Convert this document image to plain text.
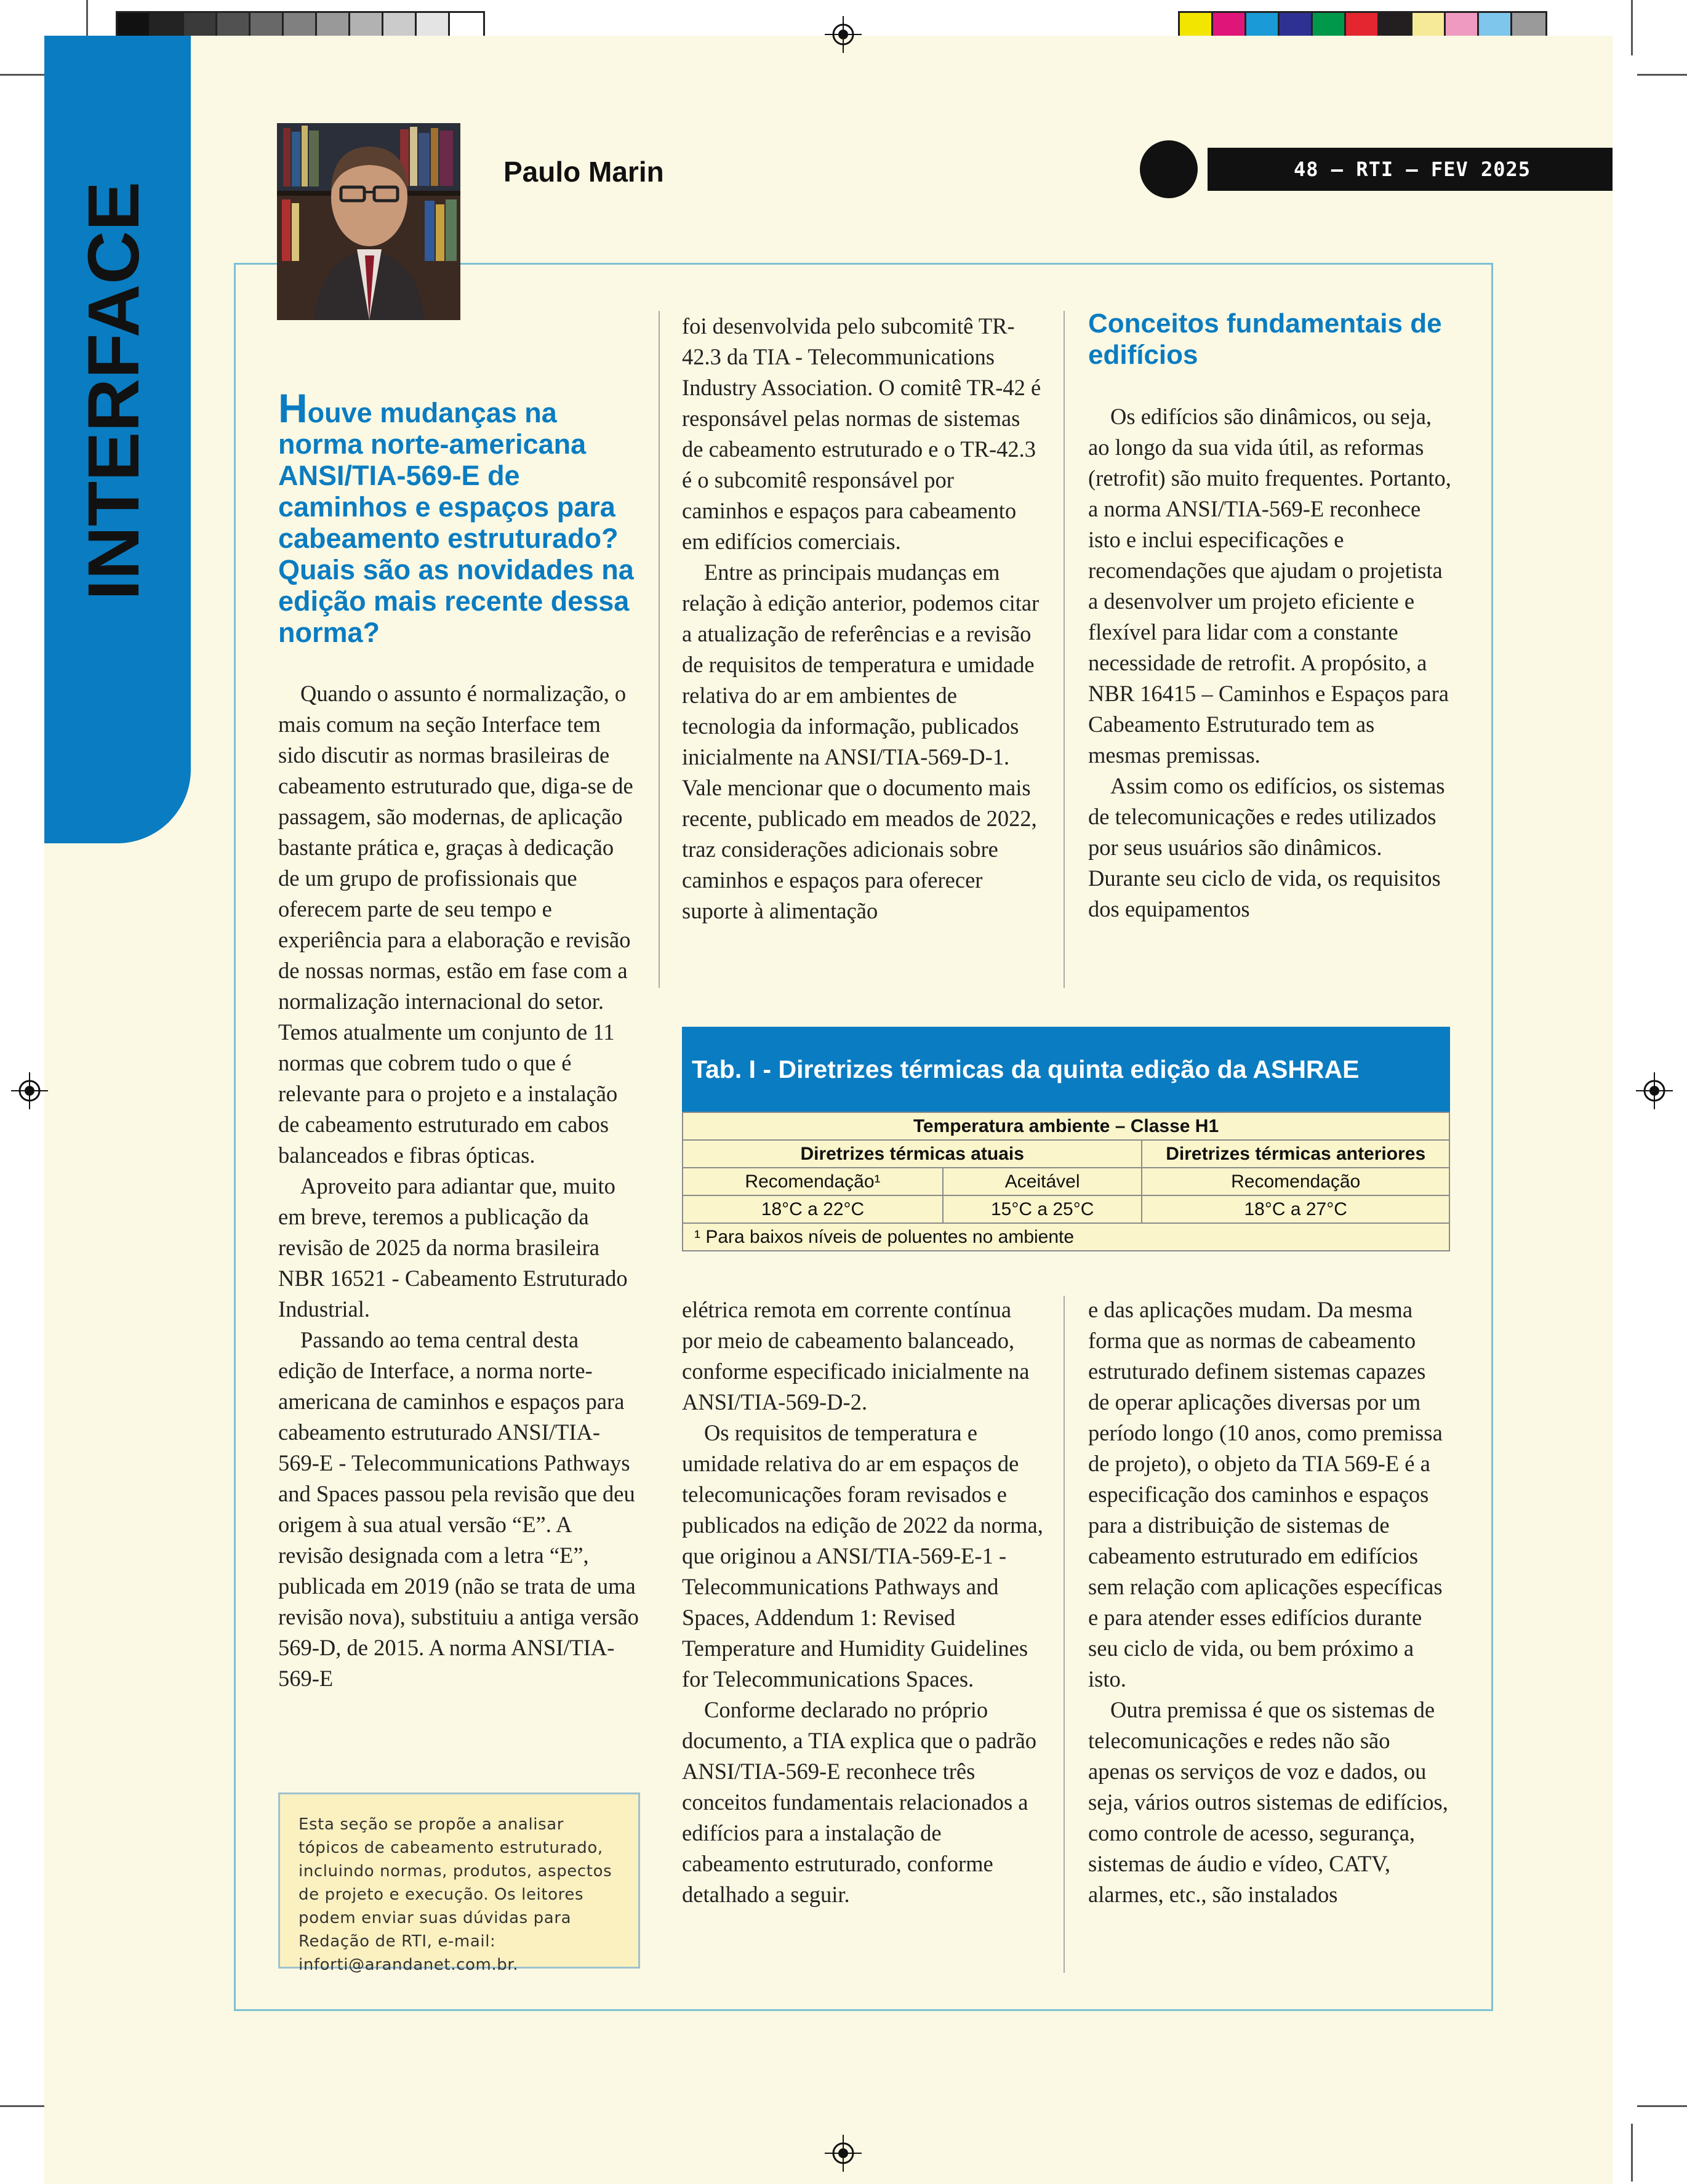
INTERFACE
Paulo Marin	48 – RTI – FEV 2025
Houve mudanças na norma norte-americana ANSI/TIA-569-E de caminhos e espaços para cabeamento estruturado? Quais são as novidades na edição mais recente dessa norma?

Quando o assunto é normalização, o mais comum na seção Interface tem sido discutir as normas brasileiras de cabeamento estruturado que, diga-se de passagem, são modernas, de aplicação bastante prática e, graças à dedicação de um grupo de profissionais que oferecem parte de seu tempo e experiência para a elaboração e revisão de nossas normas, estão em fase com a normalização internacional do setor. Temos atualmente um conjunto de 11 normas que cobrem tudo o que é relevante para o projeto e a instalação de cabeamento estruturado em cabos balanceados e fibras ópticas.

Aproveito para adiantar que, muito em breve, teremos a publicação da revisão de 2025 da norma brasileira NBR 16521 - Cabeamento Estruturado Industrial.

Passando ao tema central desta edição de Interface, a norma norte-americana de caminhos e espaços para cabeamento estruturado ANSI/TIA-569-E - Telecommunications Pathways and Spaces passou pela revisão que deu origem à sua atual versão “E”. A revisão designada com a letra “E”, publicada em 2019 (não se trata de uma revisão nova), substituiu a antiga versão 569-D, de 2015. A norma ANSI/TIA-569-E

foi desenvolvida pelo subcomitê TR-42.3 da TIA - Telecommunications Industry Association. O comitê TR-42 é responsável pelas normas de sistemas de cabeamento estruturado e o TR-42.3 é o subcomitê responsável por caminhos e espaços para cabeamento em edifícios comerciais.

Entre as principais mudanças em relação à edição anterior, podemos citar a atualização de referências e a revisão de requisitos de temperatura e umidade relativa do ar em ambientes de tecnologia da informação, publicados inicialmente na ANSI/TIA-569-D-1. Vale mencionar que o documento mais recente, publicado em meados de 2022, traz considerações adicionais sobre caminhos e espaços para oferecer suporte à alimentação

Conceitos fundamentais de edifícios

Os edifícios são dinâmicos, ou seja, ao longo da sua vida útil, as reformas (retrofit) são muito frequentes. Portanto, a norma ANSI/TIA-569-E reconhece isto e inclui especificações e recomendações que ajudam o projetista a desenvolver um projeto eficiente e flexível para lidar com a constante necessidade de retrofit. A propósito, a NBR 16415 – Caminhos e Espaços para Cabeamento Estruturado tem as mesmas premissas.

Assim como os edifícios, os sistemas de telecomunicações e redes utilizados por seus usuários são dinâmicos. Durante seu ciclo de vida, os requisitos dos equipamentos

Tab. I - Diretrizes térmicas da quinta edição da ASHRAE
Temperatura ambiente – Classe H1
Diretrizes térmicas atuais	Diretrizes térmicas anteriores
Recomendação¹	Aceitável	Recomendação
18°C a 22°C	15°C a 25°C	18°C a 27°C
¹ Para baixos níveis de poluentes no ambiente

elétrica remota em corrente contínua por meio de cabeamento balanceado, conforme especificado inicialmente na ANSI/TIA-569-D-2.

Os requisitos de temperatura e umidade relativa do ar em espaços de telecomunicações foram revisados e publicados na edição de 2022 da norma, que originou a ANSI/TIA-569-E-1 - Telecommunications Pathways and Spaces, Addendum 1: Revised Temperature and Humidity Guidelines for Telecommunications Spaces.

Conforme declarado no próprio documento, a TIA explica que o padrão ANSI/TIA-569-E reconhece três conceitos fundamentais relacionados a edifícios para a instalação de cabeamento estruturado, conforme detalhado a seguir.

e das aplicações mudam. Da mesma forma que as normas de cabeamento estruturado definem sistemas capazes de operar aplicações diversas por um período longo (10 anos, como premissa de projeto), o objeto da TIA 569-E é a especificação dos caminhos e espaços para a distribuição de sistemas de cabeamento estruturado em edifícios sem relação com aplicações específicas e para atender esses edifícios durante seu ciclo de vida, ou bem próximo a isto.

Outra premissa é que os sistemas de telecomunicações e redes não são apenas os serviços de voz e dados, ou seja, vários outros sistemas de edifícios, como controle de acesso, segurança, sistemas de áudio e vídeo, CATV, alarmes, etc., são instalados

Esta seção se propõe a analisar tópicos de cabeamento estruturado, incluindo normas, produtos, aspectos de projeto e execução. Os leitores podem enviar suas dúvidas para Redação de RTI, e-mail: inforti@arandanet.com.br.
